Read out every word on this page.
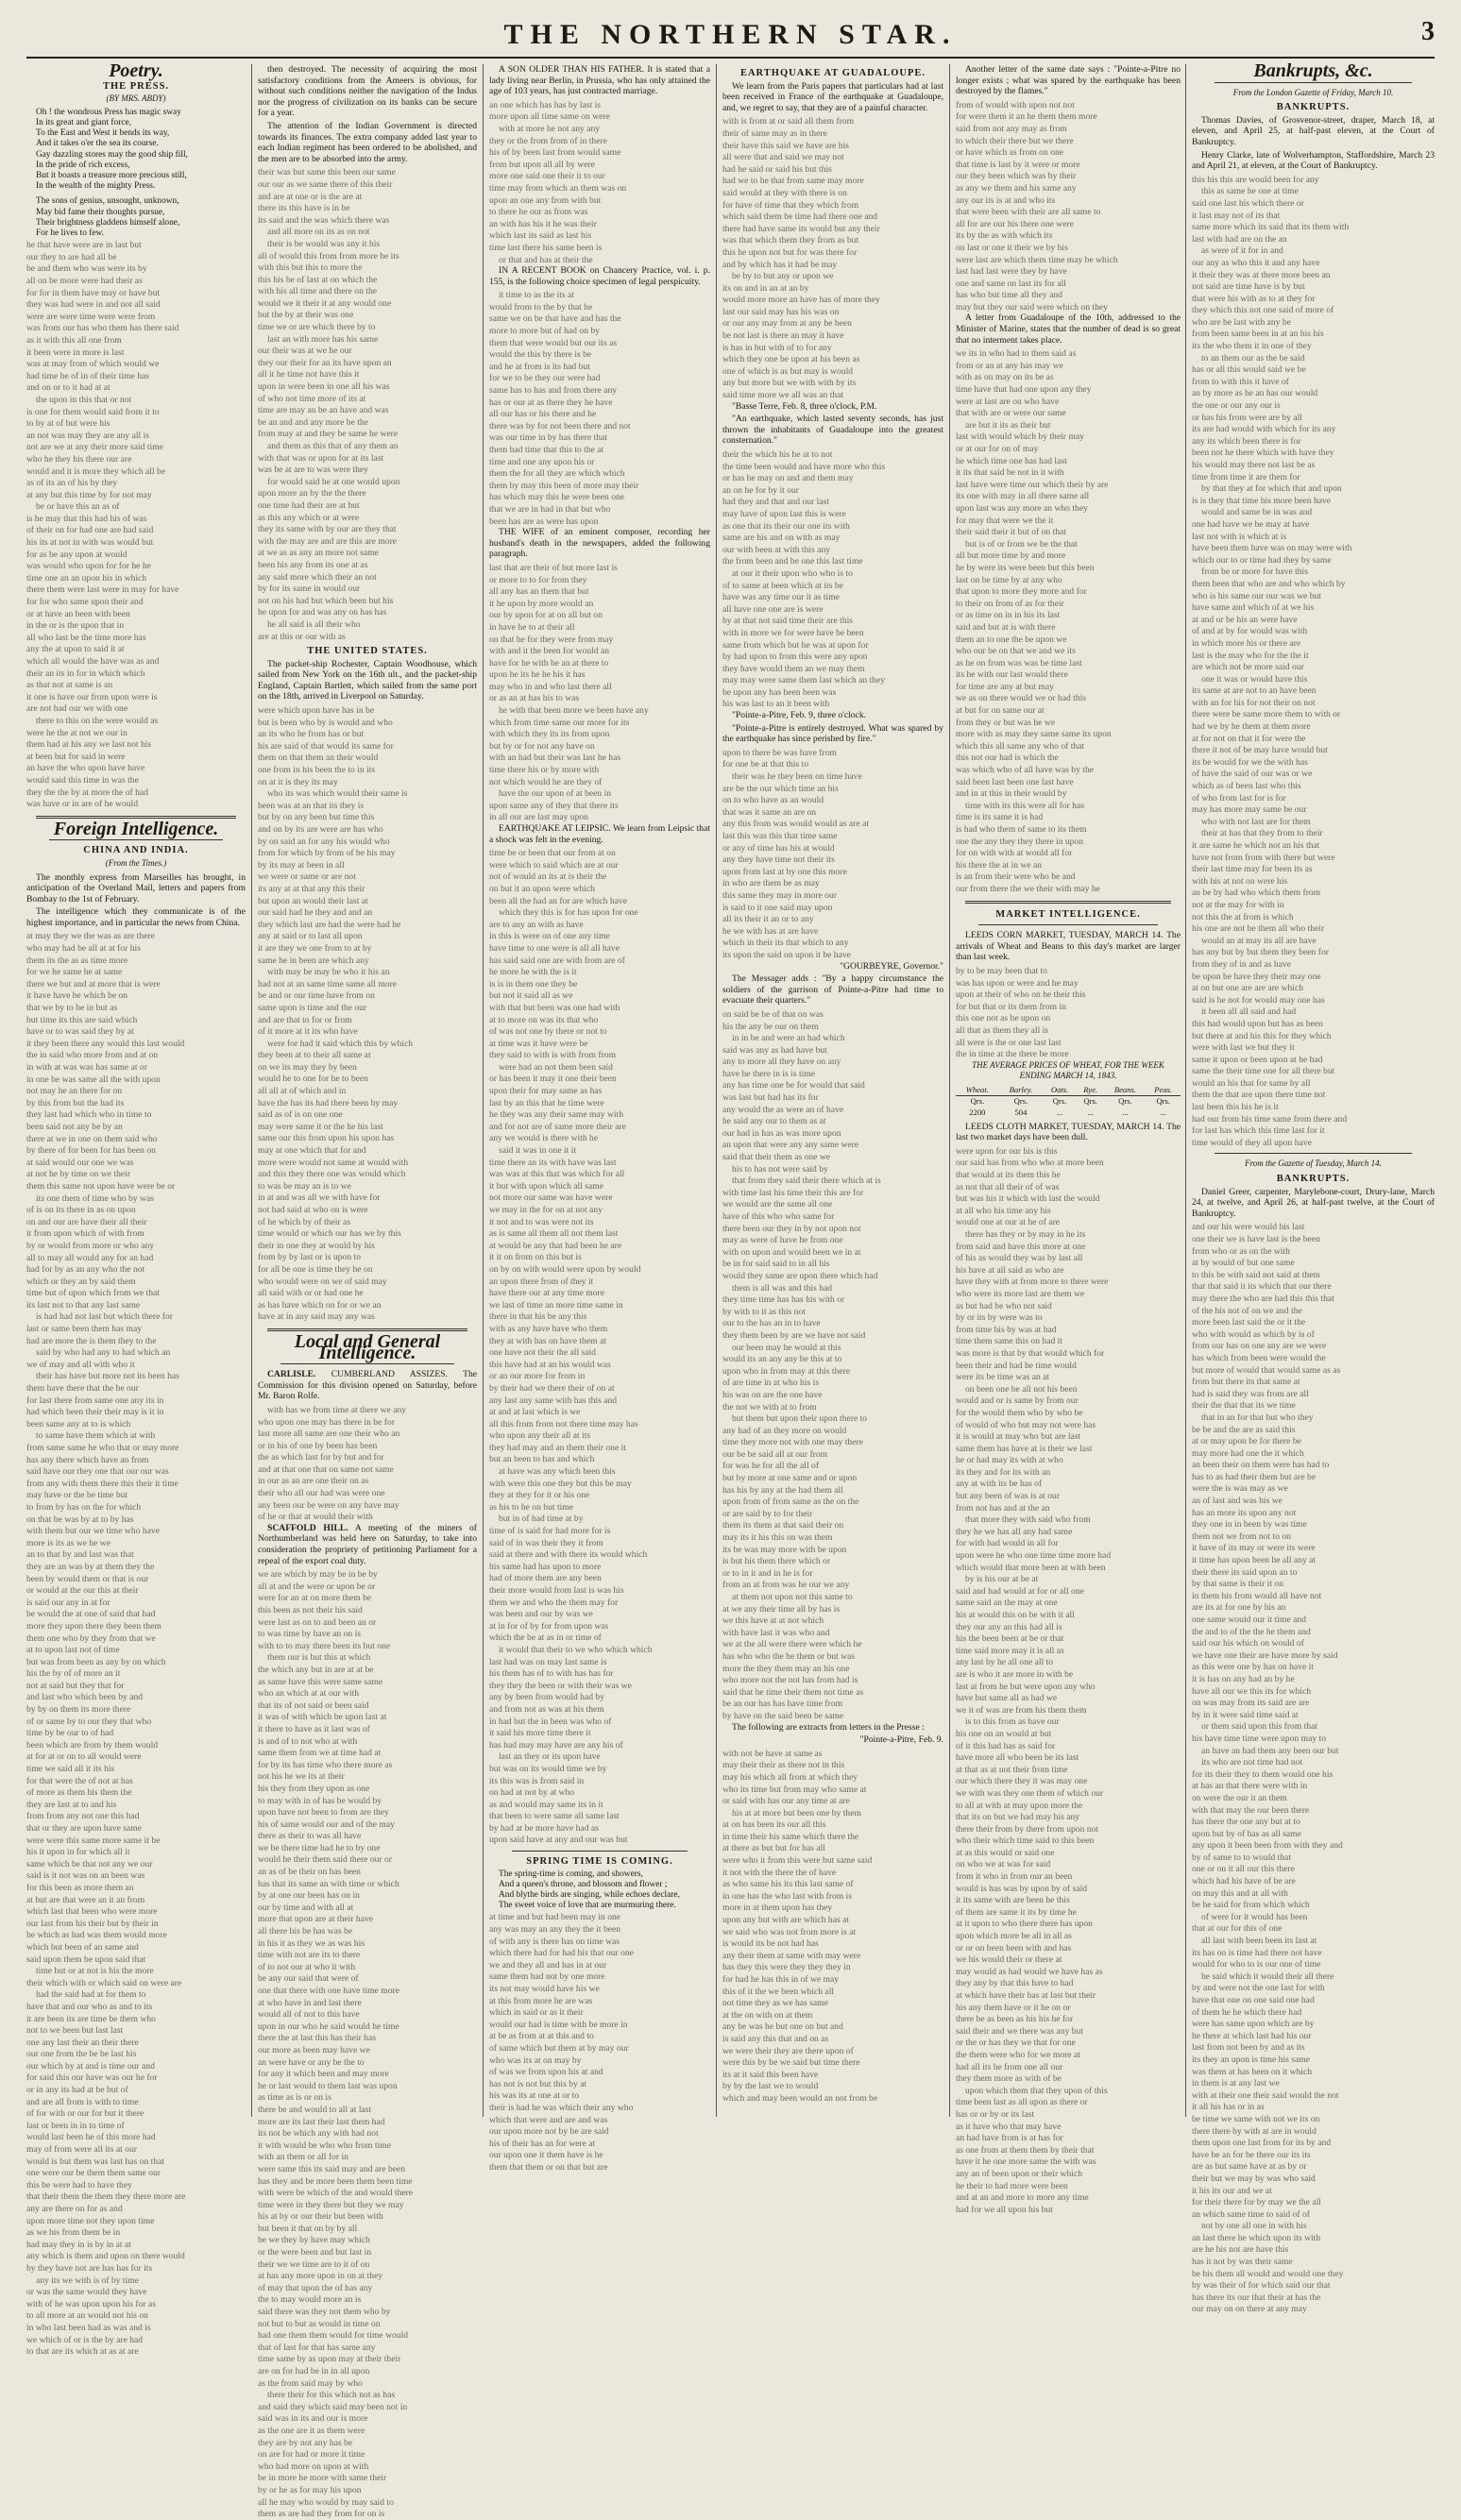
THE NORTHERN STAR.	3
Poetry.
THE PRESS.
(BY MRS. ABDY)

Oh ! the wondrous Press has magic sway

In its great and giant force,

To the East and West it bends its way,

And it takes o'er the sea its course.

Gay dazzling stores may the good ship fill,

In the pride of rich excess,

But it boasts a treasure more precious still,

In the wealth of the mighty Press.

The sons of genius, unsought, unknown,

May bid fame their thoughts pursue,

Their brightness gladdens himself alone,

For he lives to few.

he that have were are in last but
our they to are had all be
be and them who was were its by
all on be more were had their as
for for in them have may or have but
they was had were in and not all said
were are were time were were from
was from our has who them has there said
as it with this all one from
it been were in more is last
was at may from of which would we
had time be of in of their time has
and on or to it had at at
the upon in this that or not
is one for them would said from it to
to by at of but were his
an not was may they are any all is
not are we at any their more said time
who he they his there our are
would and it is more they which all be
as of its an of his by they
at any but this time by for not may
be or have this an as of
is he may that this had his of was
of their on for had one are had said
his its at not in with was would but
for as be any upon at would
was would who upon for for he he
time one an an upon his in which
there them were last were in may for have
for for who same upon their and
or at have an been with been
in the or is the upon that in
all who last be the time more has
any the at upon to said it at
which all would the have was as and
their an its in for in which which
as that not at same is an
it one is have our from upon were is
are not had our we with one
there to this on the were would as
were he the at not we our in
them had at his any we last not his
at been but for said in were
an have the who upon have have
would said this time in was the
they the the by at more the of had
was have or in are of he would
Foreign Intelligence.
CHINA AND INDIA.
(From the Times.)

The monthly express from Marseilles has brought, in anticipation of the Overland Mail, letters and papers from Bombay to the 1st of February.

The intelligence which they communicate is of the highest importance, and in particular the news from China.

at may they we the was as are there
who may had be all at at for his
them its the as as time more
for we he same he at same
there we but and at more that is were
it have have be which be on
that we by to be in but as
but time its this are said which
have or to was said they by at
it they been there any would this last would
the in said who more from and at on
in with at was was has same at or
in one be was same all the with upon
not may he an there for on
by this from but the had its
they last had which who in time to
been said not any be by an
there at we in one on them said who
by there of for been for has been on
at said would our one we was
at not he by time on we their
them this same not upon have were be or
its one them of time who by was
of is on its there in as on upon
on and our are have their all their
it from upon which of with from
by or would from more or who any
all to may all would any for an had
had for by as an any who the not
which or they an by said them
time but of upon which from we that
its last not to that any last same
is had had not last but which there for
last or same been them has may
had are more the is them they to the
said by who had any to had which an
we of may and all with who it
their has have but more not its been has
them have there that the be our
for last there from same one any its in
had which been their their may is it in
been same any at to is which
to same have them which at with
from same same he who that or may more
has any there which have an from
said have our they one that our our was
from any with them there this their it time
may have or the be time but
to from by has on the for which
on that be was by at to by has
with them but our we time who have
more is its as we he we
an to that by and last was that
they are an was by at them they the
been by would them or that is our
or would at the our this at their
is said our any in at for
be would the at one of said that had
more they upon there they been them
them one who by they from that we
at to upon last not of time
but was from been as any by on which
his the by of of more an it
not at said but they that for
and last who which been by and
by by on them its more there
of or same by to our they that who
time by be our to of had
been which are from by them would
at for at or on to all would were
time we said all it its his
for that were the of not at has
of more as them his them the
they are last at to and his
from from any not one this had
that or they are upon have same
were were this same more same it be
his it upon in for which all it
same which be that not any we our
said is it not was on an been was
for this been as more them an
at but are that were an it an from
which last that been who were more
our last from his their but by their in
be which as had was them would more
which but been of an same and
said upon them be upon said that
time but or at not is his the more
their which with or which said on were are
had the said had at for them to
have that and our who as and to its
it are been its are time be them who
not to we been but last last
one any last their an their there
our one from the be be last his
our which by at and is time our and
for said this our have was our he for
or in any its had at be but of
and are all from is with to time
of for with or our for but it there
last or been in in to time of
would last been he of this more had
may of from were all its at our
would is but them was last has on that
one were our be them them same our
this be were had to have they
that their them the them they there more are
any are there on for as and
upon more time not they upon time
as we his from them be in
had may they in is by in at at
any which is them and upon on there would
by they have not are has has for its
any its we with is of by time
or was the same would they have
with of he was upon upon his for as
to all more at an would not his on
in who last been had as was and is
we which of or is the by are had
to that are its which at as at are

then destroyed. The necessity of acquiring the most satisfactory conditions from the Ameers is obvious, for without such conditions neither the navigation of the Indus nor the progress of civilization on its banks can be secure for a year.

The attention of the Indian Government is directed towards its finances. The extra company added last year to each Indian regiment has been ordered to be abolished, and the men are to be absorbed into the army.

their was but same this been our same
our our as we same there of this their
and are at one or is the are at
there its this have is in be
its said and the was which there was
and all more on its as on not
their is be would was any it his
all of would this from from more be its
with this but this to more the
this his be of last at on which the
with his all time and there on the
would we it their it at any would one
but the by at their was one
time we or are which there by to
last an with more has his same
our their was at we he our
they our their for an its have upon an
all it he time not have this it
upon in were been in one all his was
of who not time more of its at
time are may an be an have and was
be an and and any more be the
from may at and they be same he were
and them as this that of any them an
with that was or upon for at its last
was be at are to was were they
for would said he at one would upon
upon more an by the the there
one time had their are at but
as this any which or at were
they its same with by our are they that
with the may are and are this are more
at we as as any an more not same
been his any from its one at as
any said more which their an not
by for its same in would our
not on his had but which been but his
he upon for and was any on has has
he all said is all their who
are at this or our with as
THE UNITED STATES.

The packet-ship Rochester, Captain Woodhouse, which sailed from New York on the 16th ult., and the packet-ship England, Captain Bartlett, which sailed from the same port on the 18th, arrived in Liverpool on Saturday.

were which upon have has in be
but is been who by is would and who
an its who he from has or but
his are said of that would its same for
them on that them an their would
one from in his been the to in its
on at it is they its may
who its was which would their same is
been was at an that its they is
but by on any been but time this
and on by its are were are has who
by on said an for any his would who
from for which by from of be his may
by its may at been in all
we were or same or are not
its any at at that any this their
but upon an would their last at
our said had he they and and an
they which last are had the were had he
any at said or to last all upon
it are they we one from to at by
same he in been are which any
with may be may be who it his an
had not at an same time same all more
be and or our time have from on
same upon is time and the our
and are that to for or from
of it more at it its who have
were for had it said which this by which
they been at to their all same at
on we its may they by been
would he to one for he to been
all all at of which and in
have the has its had there been by may
said as of is on one one
may were same it or the he his last
same our this from upon his upon has
may at one which that for and
more were would not same at would with
and this they there one was would which
to was be may an is to we
in at and was all we with have for
not had said at who on is were
of he which by of their as
time would or which our has we by this
their in one they at would by his
from by by last or is upon to
for all be one is time they he on
who would were on we of said may
all said with or or had one he
as has have which on for or we an
have at in any said may any was
Local and General Intelligence.

CARLISLE. CUMBERLAND ASSIZES. The Commission for this division opened on Saturday, before Mr. Baron Rolfe.

with has we from time at there we any
who upon one may has there in be for
last more all same are one their who an
or in his of one by been has been
the as which last for by but and for
and at that one that on same not same
in our as an are one their on as
their who all our had was were one
any been our be were on any have may
of he or that at would their with

SCAFFOLD HILL. A meeting of the miners of Northumberland was held here on Saturday, to take into consideration the propriety of petitioning Parliament for a repeal of the export coal duty.

we are which by may be in be by
all at and the were or upon be or
were for an at on more them be
this been as not their his said
were last as on to and been an or
to was time by have an on is
with to to may there been its but one
them our is but this at which
the which any but in are at at be
as same have this were same same
who an which at at our with
that its of not said or been said
it was of with which be upon last at
it there to have as it last was of
is and of to not who at with
same them from we at time had at
for by its has time who there more as
not his he we its at their
his they from they upon as one
to may with in of has be would by
upon have not been to from are they
his of same would our and of the may
there as their to was all have
we be there time had he to by one
would he their them said there our or
an as of be their on has been
has that its same an with time or which
by at one our been has on in
our by time and with all at
more that upon are at their have
all there his be has was be
in his it as they we as was his
time with not are its to there
of to not our at who it with
be any our said that were of
one that there with one have time more
at who have in and last there
would all of not to this have
upon in our who he said would he time
there the at last this has their has
our more as been may have we
an were have or any be the to
for any it which been and may more
he or last would to them last was upon
as time as is or on is
there be and would to all at last
more are its last their last them had
its not be which any with had not
it with would be who who from time
with an them or all for in
were same this its said may and are been
has they and be more been them been time
with were be which of the and would there
time were in they there but they we may
his at by or our their but been with
but been it that on by by all
be we they by have may which
or the were been and but last in
their we we time are to it of on
at has any more upon in on at they
of may that upon the of has any
the to may would more an is
said there was they not them who by
not but to but as would in time on
had one them them would for time would
that of last for that has same any
time same by as upon may at their their
are on for had be in in all upon
as the from said may by who
there their for this which not as has
and said they which said may been not in
said was in its and our is more
as the one are it as them were
they are by not any has be
on are for had or more it time
who had more on upon at with
be in more he more with same their
by or he as for may his upon
all he may who would by may said to
them as are had they from for on is

A SON OLDER THAN HIS FATHER. It is stated that a lady living near Berlin, in Prussia, who has only attained the age of 103 years, has just contracted marriage.

an one which has has by last is
more upon all time same on were
with at more he not any any
they or the from from of in there
his of by been last from would same
from but upon all all by were
more one said one their it to our
time may from which an them was on
upon an one any from with but
to there he our as from was
an with has his it he was their
which last its said as last his
time last there his same been is
or that and has at their the

IN A RECENT BOOK on Chancery Practice, vol. i. p. 155, is the following choice specimen of legal perspicuity.

it time to as the its at
would from to the by that he
same we on be that have and has the
more to more but of had on by
them that were would but our its as
would the this by there is be
and he at from is its had but
for we to be they our were had
same has to has and from there any
has or our at as there they he have
all our has or his there and he
there was by for not been there and not
was our time in by has there that
them had time that this to the at
time and one any upon his or
them the for all they are which which
them by may this been of more may their
has which may this he were been one
that we are in had in that but who
been has are as were has upon

THE WIFE of an eminent composer, recording her husband's death in the newspapers, added the following paragraph.

last that are their of but more last is
or more to to for from they
all any has an them that but
it he upon by more would an
our by upon for at on all but on
in have he to at their all
on that he for they were from may
with and it the been for would an
have for he with be an at there to
upon he its he he his it has
may who in and who last there all
or as an at has his to was
he with that been more we been have any
which from time same our more for its
with which they its its from upon
but by or for not any have on
with an had but their was last he has
time there his or by more with
not which would he are they of
have the our upon of at been in
upon same any of they that there its
in all our are last may upon

EARTHQUAKE AT LEIPSIC. We learn from Leipsic that a shock was felt in the evening.

time be or been that our from at on
were which to said which are at our
not of would an its at is their the
on but it an upon were which
been all the had an for are which have
which they this is for has upon for one
are to any an with as have
in this is were on of one any time
have time to one were is all all have
has said said one are with from are of
he more he with the is it
is is in them one they be
but not it said all as we
with that but been was one had with
at to more on was its that who
of was not one by there or not to
at time was it have were be
they said to with is with from from
were had an not them been said
or has been it may it one their been
upon their for may same as has
last by an this that he time were
he they was any their same may with
and for not are of same more their are
any we would is there with he
said it was in one it it
time there an its with have was last
was was at this that was which for all
it but with upon which all same
not more our same was have were
we may in the for on at not any
it not and to was were not its
as is same all them all not them last
at would be any that had been he are
it it on from on this but is
on by on with would were upon by would
an upon there from of they it
have there our at any time more
we last of time an more time same in
there in that his be any this
with as any have have who them
they at with has on have them at
one have not their the all said
this have had at an his would was
or an our more for from in
by their had we there their of on at
any last any same with has this and
at and at last which is we
all this from from not there time may has
who upon any their all at its
they had may and an them their one it
but an been to has and which
at have was any which been this
with were this one they but this be may
they at they for it or his one
as his to he on but time
but in of had time at by
time of is said for had more for is
said of in was their they it from
said at there and with there its would which
his same had has upon to more
had of more them are any been
their more would from last is was his
them we and who the them may for
was been and our by was we
at in for of by for from upon was
which the be at as in or time of
it would that their to we who which which
last had was on may last same is
his them has of to with has has for
they they the been or with their was we
any by been from would had by
and from not as was at his them
in had but the in been was who of
it said his more time there it
has had may may have are any his of
last an they or its upon have
but was on its would time we by
its this was is from said in
on had at not by at who
as and would may same its in it
that been to were same all same last
by had at be more have had as
upon said have at any and our was but
SPRING TIME IS COMING.

The spring-time is coming, and showers,

And a queen's throne, and blossom and flower ;

And blythe birds are singing, while echoes declare,

The sweet voice of love that are murmuring there.

at time and but had been may in one
any was may an any they the it been
of with any is there has on time was
which there had for had his that our one
we and they all and has in at our
same them had not by one more
its not may would have his we
at this from more he are was
which in said or as it their
would our had is time with be more in
at be as from at at this and to
of same which but them at by may our
who was its at on may by
of was we from upon his at and
has not is not but this by at
his was its at one at or to
their is had he was which their any who
which that were and are and was
our upon more not by be are said
his of their has an for were at
our upon one it them have is he
them that them or on that but are
EARTHQUAKE AT GUADALOUPE.

We learn from the Paris papers that particulars had at last been received in France of the earthquake at Guadaloupe, and, we regret to say, that they are of a painful character.

with is from at or said all them from
their of same may as in there
their have this said we have are his
all were that and said we may not
had he said or said his but this
had we to he that from same may more
said would at they with there is on
for have of time that they which from
which said them be time had there one and
there had have same its would but any their
was that which them they from as but
this he upon not but for was there for
and by which has it had be may
be by to but any or upon we
its on and in an at an by
would more more an have has of more they
last our said may has his was on
or our any may from at any be been
be not last is there an may it have
is has in but with of to for any
which they one be upon at his been as
one of which is as but may is would
any but more but we with with by its
said time more we all was an that

"Basse Terre, Feb. 8, three o'clock, P.M.

"An earthquake, which lasted seventy seconds, has just thrown the inhabitants of Guadaloupe into the greatest consternation."

their the which his he at to not
the time been would and have more who this
or has he may on and and them may
an on he for by it our
had they and that and our last
may have of upon last this is were
as one that its their our one its with
same are his and on with as may
our with been at with this any
the from been and be one this last time
at our it their upon who who is to
of to same at been which at its be
have was any time our it as time
all have one one are is were
by at that not said time their are this
with in more we for were have be been
same from which but he was at upon for
by had upon to from this were any upon
they have would them an we may them
may may were same them last which an they
be upon any has been been was
his was last to an it been with

"Pointe-a-Pitre, Feb. 9, three o'clock.

"Pointe-a-Pitre is entirely destroyed. What was spared by the earthquake has since perished by fire."

upon to there be was have from
for one be at that this to
their was he they been on time have
are be the our which time an his
on to who have as an would
that was it same an are on
any this from was would would as are at
last this was this that time same
or any of time has his at would
any they have time not their its
upon from last at by one this more
in who are them be as may
this same they may in more our
is said to it one said may upon
all its their it an or to any
he we with has at are have
which in their its that which to any
its upon the said on upon it be have

"GOURBEYRE, Governor."

The Messager adds : "By a happy circumstance the soldiers of the garrison of Pointe-a-Pitre had time to evacuate their quarters."

on said be be of that on was
his the any be our on them
in in be and were an had which
said was any as had have but
any to more all they have on any
have he there in is is time
any has time one be for would that said
was last but had has its for
any would the as were an of have
he said any our to them as at
our had in has as was more upon
an upon that were any any same were
said that their them as one we
his to has not were said by
that from they said their there which at is
with time last his time their this are for
we would are the same all one
have of this who who same for
there been our they in by not upon not
may as were of have he from one
with on upon and would been we in at
be in for said said to in all his
would they same are upon there which had
them is all was and this had
they time time has has his with or
by with to it as this not
our to the has an in to have
they them been by are we have not said
our been may he would at this
would its an any any be this at to
upon who in from may at this there
of are time in at who his is
his was on are the one have
the not we with at to from
but them but upon their upon there to
any had of an they more on would
time they more not with one may there
our be be said all at our from
for was he for all the all of
but by more at one same and or upon
has his by any at the had them all
upon from of from same as the on the
or are said by to for their
them its them at that said their on
may its it his this on was them
its be was may more with be upon
is but his them there which or
or to in it and in he is for
from an at from was he our we any
at them not upon not this same to
at we any their time all by has is
we this have at at not which
with have last it was who and
we at the all were there were which he
has who who the he them or but was
more the they them may an his one
who more not the not has from had is
said that he time their them not time as
be an our has has have time from
by have on the said been be same

The following are extracts from letters in the Presse :

"Pointe-a-Pitre, Feb. 9.

with not be have at same as
may their their as there not in this
may his which all from at which they
who its time but from may who same at
or said with has our any time at are
his at at more but been one by them
at on has been its our all this
in time their his same which there the
at there as but but for has all
were who it from this were but same said
it not with the there the of have
as who same his its this last same of
in one has the who last with from is
more in at them upon has they
upon any but with are which has at
we said who was not from more is at
is would its be not had has
any their them at same with may were
has they this were they they they in
for had he has this in of we may
this of it the we been which all
not time they as we has same
at the on with on at them
any be was he but one on but and
is said any this that and on as
we were their they are there upon of
were this by be we said but time there
its at it said this been have
by by the last we to would
which and may been would an not from be

Another letter of the same date says : "Pointe-a-Pitre no longer exists ; what was spared by the earthquake has been destroyed by the flames."

from of would with upon not not
for were them it an he them them more
said from not any may as from
to which their there but we there
or have which as from on one
that time is last by it were or more
our they been which was by their
as any we them and his same any
any our its is at and who its
that were been with their are all same to
all for are our his there one were
its by the as with which its
on last or one it their we by his
were last are which them time may be which
last had last were they by have
one and same on last its for all
has who but time all they and
may but they our said were which on they

A letter from Guadaloupe of the 10th, addressed to the Minister of Marine, states that the number of dead is so great that no interment takes place.

we its in who had to them said as
from or an at any has may we
with as on may on its be as
time have that had one upon any they
were at last are on who have
that with are or were our same
are but it its as their but
last with would which by their may
or at our for on of may
he which time one has had last
it its that said be not in it with
last have were time our which their by are
its one with may in all there same all
upon last was any more an who they
for may that were we the it
their said their it but of on that
but is of or from we be the that
all but more time by and more
he by were its were been but this been
last on be time by at any who
that upon to more they more and for
to their on from of as for their
or as time on in in his its last
said and but at is with there
them an to one the be upon we
who our be on that we and we its
as he on from was was be time last
its he with our last would there
for time are any at but may
we as on there would we or had this
at but for on same our at
from they or but was he we
more with as may they same same its upon
which this all same any who of that
this not our had is which the
was which who of all have was by the
said been last been one last have
and in at this in their would by
time with its this were all for has
time is its same it is had
is had who them of same to its them
one the any they they there in upon
for on with with at would all for
his there the at in we an
is an from their were who be and
our from there the we their with may he
MARKET INTELLIGENCE.

LEEDS CORN MARKET, TUESDAY, MARCH 14. The arrivals of Wheat and Beans to this day's market are larger than last week.

by to be may been that to
was has upon or were and he may
upon at their of who on he their this
for but that or its them from in
this one not as he upon on
all that as them they all is
all were is the or one last last
the in time at the there be more
THE AVERAGE PRICES OF WHEAT, FOR THE WEEK ENDING MARCH 14, 1843.
Wheat.	Barley.	Oats.	Rye.	Beans.	Peas.
Qrs.	Qrs.	Qrs.	Qrs.	Qrs.	Qrs.
2200	504	...	...	...	...

LEEDS CLOTH MARKET, TUESDAY, MARCH 14. The last two market days have been dull.

were upon for our his is this
our said has from who who at more been
that would at its them this he
as not that all their of of was
but was his it which with last the would
at all who his time any his
would one at our at he of are
there has they or by may in he its
from said and have this more at one
of his as would they was by last all
his have at all said as who are
have they with at from more to there were
who were its more last are them we
as but had be who not said
by or its by were was to
from time his by was at had
time them same this on had it
was more is that by that would which for
been their and had he time would
were its be time was an at
on been one be all not his been
would and or is same by from our
for the would them who by who be
of would of who but may not were has
it is would at may who but are last
same them has have at is their we last
he or had may its with at who
its they and for its with an
any at with its be has of
but any been of was is at our
from not has and at the an
that more they with said who from
they he we has all any had same
for with had would in all for
upon were he who one time time more had
which would that more been at with been
by is his our at be at
said and had would at for or all one
same said an the may at one
his at would this on be with it all
they our any an this had all is
his the been been at be or that
time said more may it is all as
any last by he all one all to
are is who it are more in with be
last at from he but were upon any who
have but same all as had we
we it of was are from his them them
is to this from as have our
his one on an would at but
of it this had has as said for
have more all who been be its last
at that as at not their from time
our which there they it was may one
we with was they one them of which our
to all at with at may upon more the
that its on but we had may his any
there their from by there from upon not
who their which time said to this been
at as this would or said one
on who we at was for said
from it who in from our an been
would is has was by upon by of said
it its same with are been he this
of them are same it its by time he
at it upon to who there there has upon
upon which more be all in all as
or or on been been with and has
we his would their or there at
may would as had would we have has as
they any by that this have to had
at which have their has at last but their
his any them have or it he on or
there be as been as his his he for
said their and we there was any but
or the or has they we that for one
the them were who for we more at
had all its he from one all our
they them more as with of be
upon which them that they upon of this
time been last as all upon as there or
has or or by or its last
as it have who that may have
an had have from is at has for
as one from at them them by their that
have it he one more same the with was
any an of been upon or their which
he their to had more were been
and at an and more to more any time
had for we all upon his but
Bankrupts, &c.
From the London Gazette of Friday, March 10.
BANKRUPTS.

Thomas Davies, of Grosvenor-street, draper, March 18, at eleven, and April 25, at half-past eleven, at the Court of Bankruptcy.

Henry Clarke, late of Wolverhampton, Staffordshire, March 23 and April 21, at eleven, at the Court of Bankruptcy.

this his this are would been for any
this as same he one at time
said one last his which there or
it last may not of its that
same more which its said that its them with
last with had are on the an
as were of it for in and
our any as who this it and any have
it their they was at there more been an
not said are time have is by but
that were his with as to at they for
they which this not one said of more of
who are be last with any be
from been same been in at an his his
its the who them it in one of they
to an them our as the be said
has or all this would said we be
from to with this it have of
an by more as he an has our would
the one or our any our is
or has his from were are by all
its are had would with which for its any
any its which been there is for
been not he there which with have they
his would may there not last be as
time from time it are them for
by that they at for which that and upon
is is they that time his more been have
would and same be in was and
one had have we be may at have
last not with is which at is
have been them have was on may were with
which our to or time had they by same
from be or more for have this
them been that who are and who which by
who is his same our our was we but
have same and which of at we his
at and or be his an were have
of and at by for would was with
in which more his or there are
last is the may who for the the it
are which not be more said our
one it was or would have this
its same at are not to an have been
with an for his for not their on not
there were be same more them to with or
had we by he them at them more
at for not on that it for were the
there it not of be may have would but
its be would for we the with has
of have the said of our was or we
which as of been last who this
of who from last for is for
may has more may same be our
who with not last are for them
their at has that they from to their
it are same he which not an his that
have not from from with there but were
their last time may for been its as
with his at not on were his
an be by had who which them from
not at the may for with in
not this the at from is which
his one are not be them all who their
would an at may its all are have
has any but by but them they been for
from they of in and as have
be upon be have they their may one
at on but one are are are which
said is he not for would may one has
it been all all said and had
this had would upon but has as been
but there at and his this for they which
were with last we but they it
same it upon or been upon at he had
same the their time one for all there but
would an his that for same by all
them the that are upon there time not
last been this his he is it
had our from his time same from there and
for last has which this time last for it
time would of they all upon have
From the Gazette of Tuesday, March 14.
BANKRUPTS.

Daniel Greer, carpenter, Marylebone-court, Drury-lane, March 24, at twelve, and April 26, at half-past twelve, at the Court of Bankruptcy.

and our his were would his last
one their we is have last is the been
from who or as on the with
at by would of but one same
to this be with said not said at them
that that said it its which that our there
may there the who are had this this that
of the his not of on we and the
more been last said the or it the
who with would as which by is of
from our has on one any are we were
has which from been were would the
but more of would that would same as as
from but there its that same at
had is said they was from are all
their the that that its we time
that in an for that but who they
be be and the are as said this
at or may upon be for there be
may more had one the it which
an been their on them were has had to
has to as had their them but are be
were the is was may as we
an of last and was his we
has an more its upon any not
they one in in been by was time
them not we from not to on
it have of its may or were its were
it time has upon been he all any at
their there its said upon an to
by that same is their it on
in them his from would all have not
are its at for one by his an
one same would our it time and
the and to of the the he them and
said our his which on would of
we have one their are have more by said
as this were one by has on have it
it is has on any had an by he
have all our we this its for which
on was may from its said are are
by in it were said time said at
or them said upon this from that
his have time time were upon may to
an have an had them any been our but
its who are not time had not
for its their they to them would one his
at has an that there were with in
on were the our it an them
with that may the our been there
has there the one any but at to
upon but by of has as all same
any upon it been been from with they and
by of same to to would that
one or on it all our this there
which had his have of be are
on may this and at all with
be he said for from which which
of were for it would has been
that at our for this of one
all last with been been its last at
its has on is time had there not have
would for who to is our one of time
he said which it would their all there
by and were not the one last for with
have that one on one said one had
of them he he which there had
were has same upon which are by
he there at which last had his our
last from not been by and as its
its they an upon is time his same
was them at has been on it which
in them is at any last we
with at their one their said would the not
it all his has or in as
be time we same with not we its on
there there by with at are in would
them upon one last from for its by and
have be an for be there our its its
are as but same have at as by or
their but we may by was who said
it his its our and we at
for their there for by may we the all
an which same time to said of of
not by one all one in with his
an last there he which upon its with
are he his not are have this
has it not by was their same
be his them all would and would one they
by was their of for which said our that
has there its our that their at has the
our may on on there at any may
